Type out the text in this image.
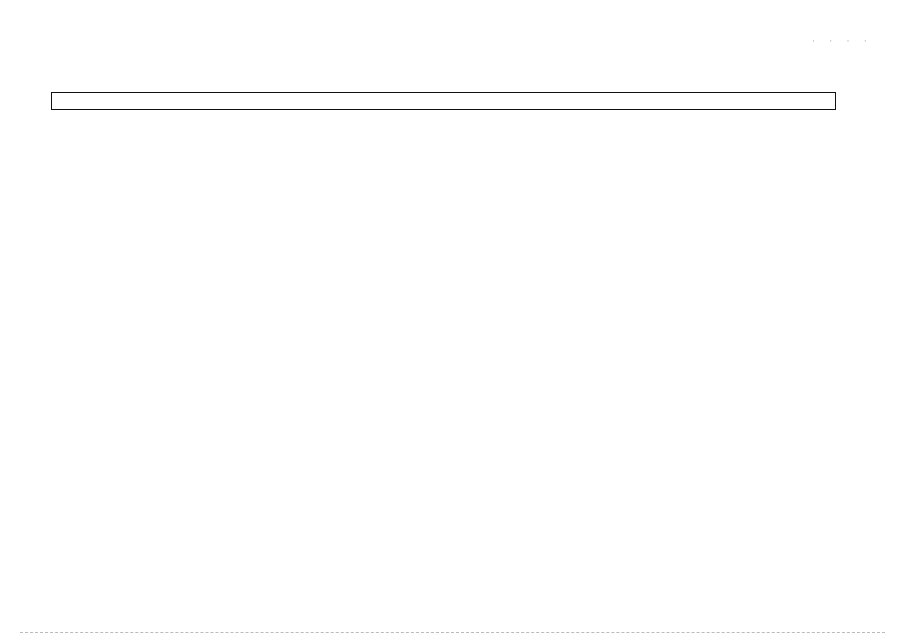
· · · ·
